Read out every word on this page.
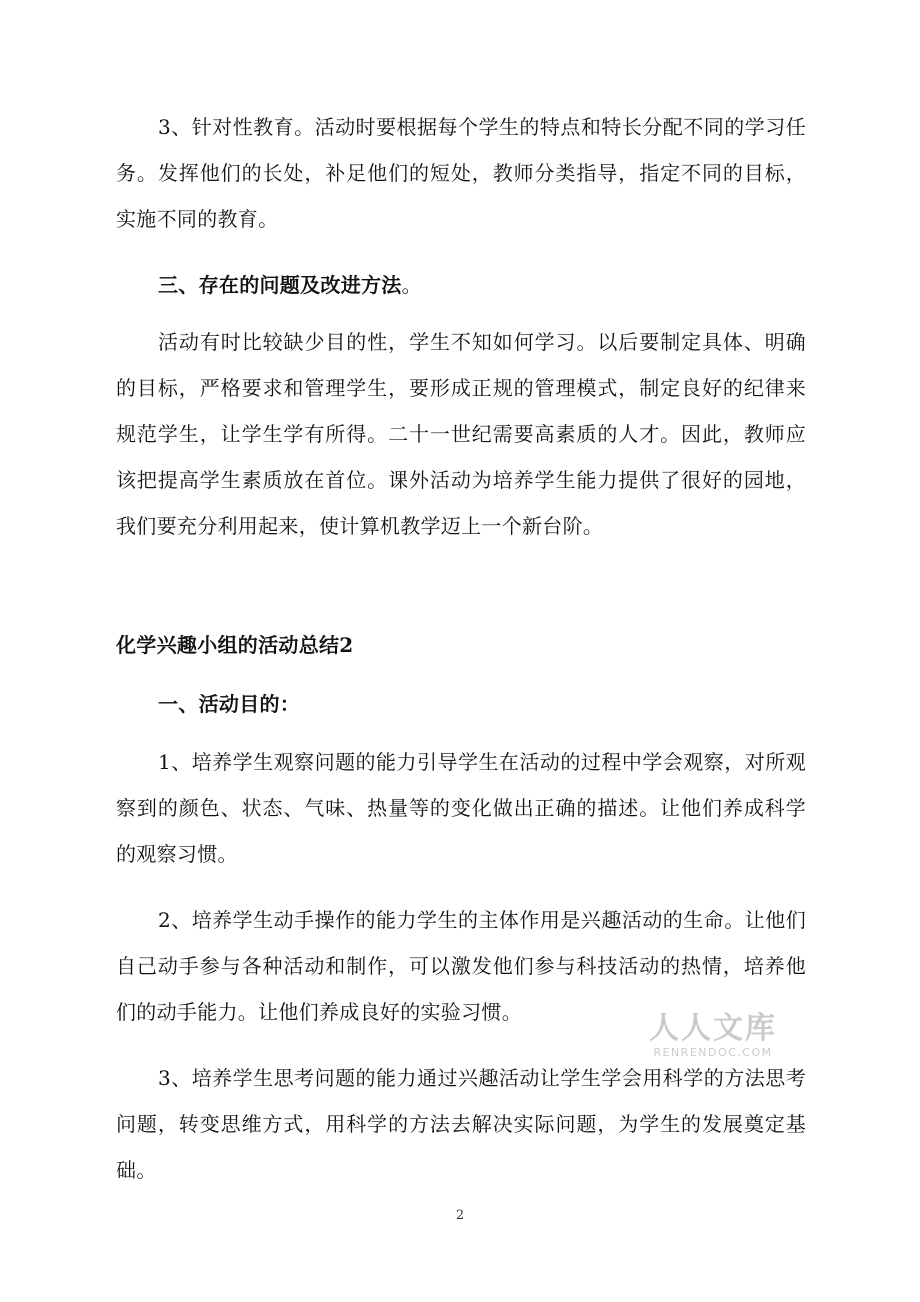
3、针对性教育。活动时要根据每个学生的特点和特长分配不同的学习任务。发挥他们的长处，补足他们的短处，教师分类指导，指定不同的目标，实施不同的教育。

三、存在的问题及改进方法。

活动有时比较缺少目的性，学生不知如何学习。以后要制定具体、明确的目标，严格要求和管理学生，要形成正规的管理模式，制定良好的纪律来规范学生，让学生学有所得。二十一世纪需要高素质的人才。因此，教师应该把提高学生素质放在首位。课外活动为培养学生能力提供了很好的园地，我们要充分利用起来，使计算机教学迈上一个新台阶。

化学兴趣小组的活动总结2

一、活动目的：

1、培养学生观察问题的能力引导学生在活动的过程中学会观察，对所观察到的颜色、状态、气味、热量等的变化做出正确的描述。让他们养成科学的观察习惯。

2、培养学生动手操作的能力学生的主体作用是兴趣活动的生命。让他们自己动手参与各种活动和制作，可以激发他们参与科技活动的热情，培养他们的动手能力。让他们养成良好的实验习惯。

3、培养学生思考问题的能力通过兴趣活动让学生学会用科学的方法思考问题，转变思维方式，用科学的方法去解决实际问题，为学生的发展奠定基础。

人人文库
RENRENDOC.COM
2
